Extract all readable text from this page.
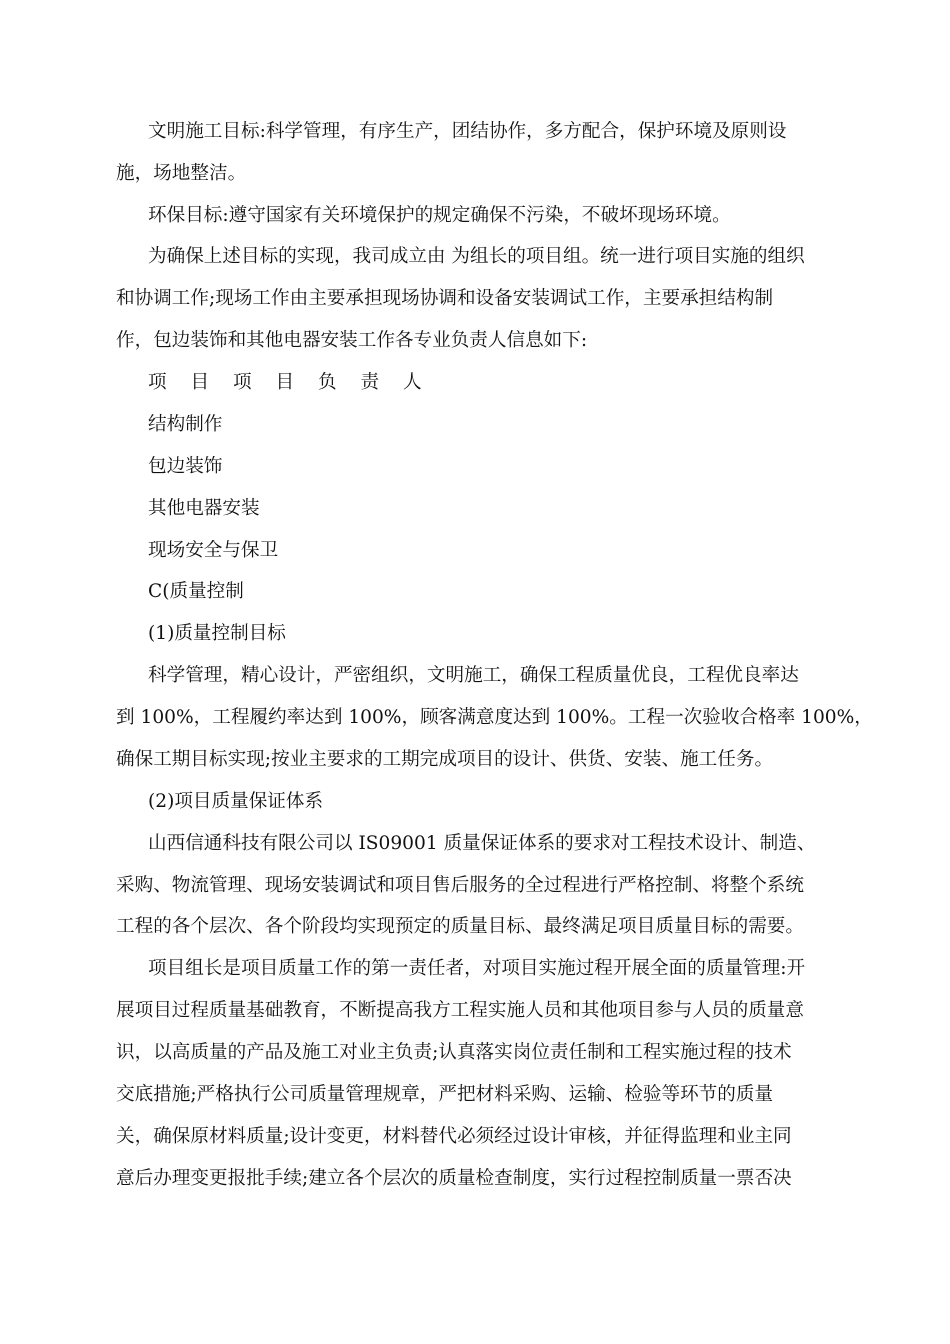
文明施工目标:科学管理，有序生产，团结协作，多方配合，保护环境及原则设
施，场地整洁。
环保目标:遵守国家有关环境保护的规定确保不污染，不破坏现场环境。
为确保上述目标的实现，我司成立由 为组长的项目组。统一进行项目实施的组织
和协调工作;现场工作由主要承担现场协调和设备安装调试工作，主要承担结构制
作，包边装饰和其他电器安装工作各专业负责人信息如下:
项 目 项 目 负 责 人
结构制作
包边装饰
其他电器安装
现场安全与保卫
C(质量控制
(1)质量控制目标
科学管理，精心设计，严密组织，文明施工，确保工程质量优良，工程优良率达
到 100%，工程履约率达到 100%，顾客满意度达到 100%。工程一次验收合格率 100%，
确保工期目标实现;按业主要求的工期完成项目的设计、供货、安装、施工任务。
(2)项目质量保证体系
山西信通科技有限公司以 IS09001 质量保证体系的要求对工程技术设计、制造、
采购、物流管理、现场安装调试和项目售后服务的全过程进行严格控制、将整个系统
工程的各个层次、各个阶段均实现预定的质量目标、最终满足项目质量目标的需要。
项目组长是项目质量工作的第一责任者，对项目实施过程开展全面的质量管理:开
展项目过程质量基础教育，不断提高我方工程实施人员和其他项目参与人员的质量意
识，以高质量的产品及施工对业主负责;认真落实岗位责任制和工程实施过程的技术
交底措施;严格执行公司质量管理规章，严把材料采购、运输、检验等环节的质量
关，确保原材料质量;设计变更，材料替代必须经过设计审核，并征得监理和业主同
意后办理变更报批手续;建立各个层次的质量检查制度，实行过程控制质量一票否决
